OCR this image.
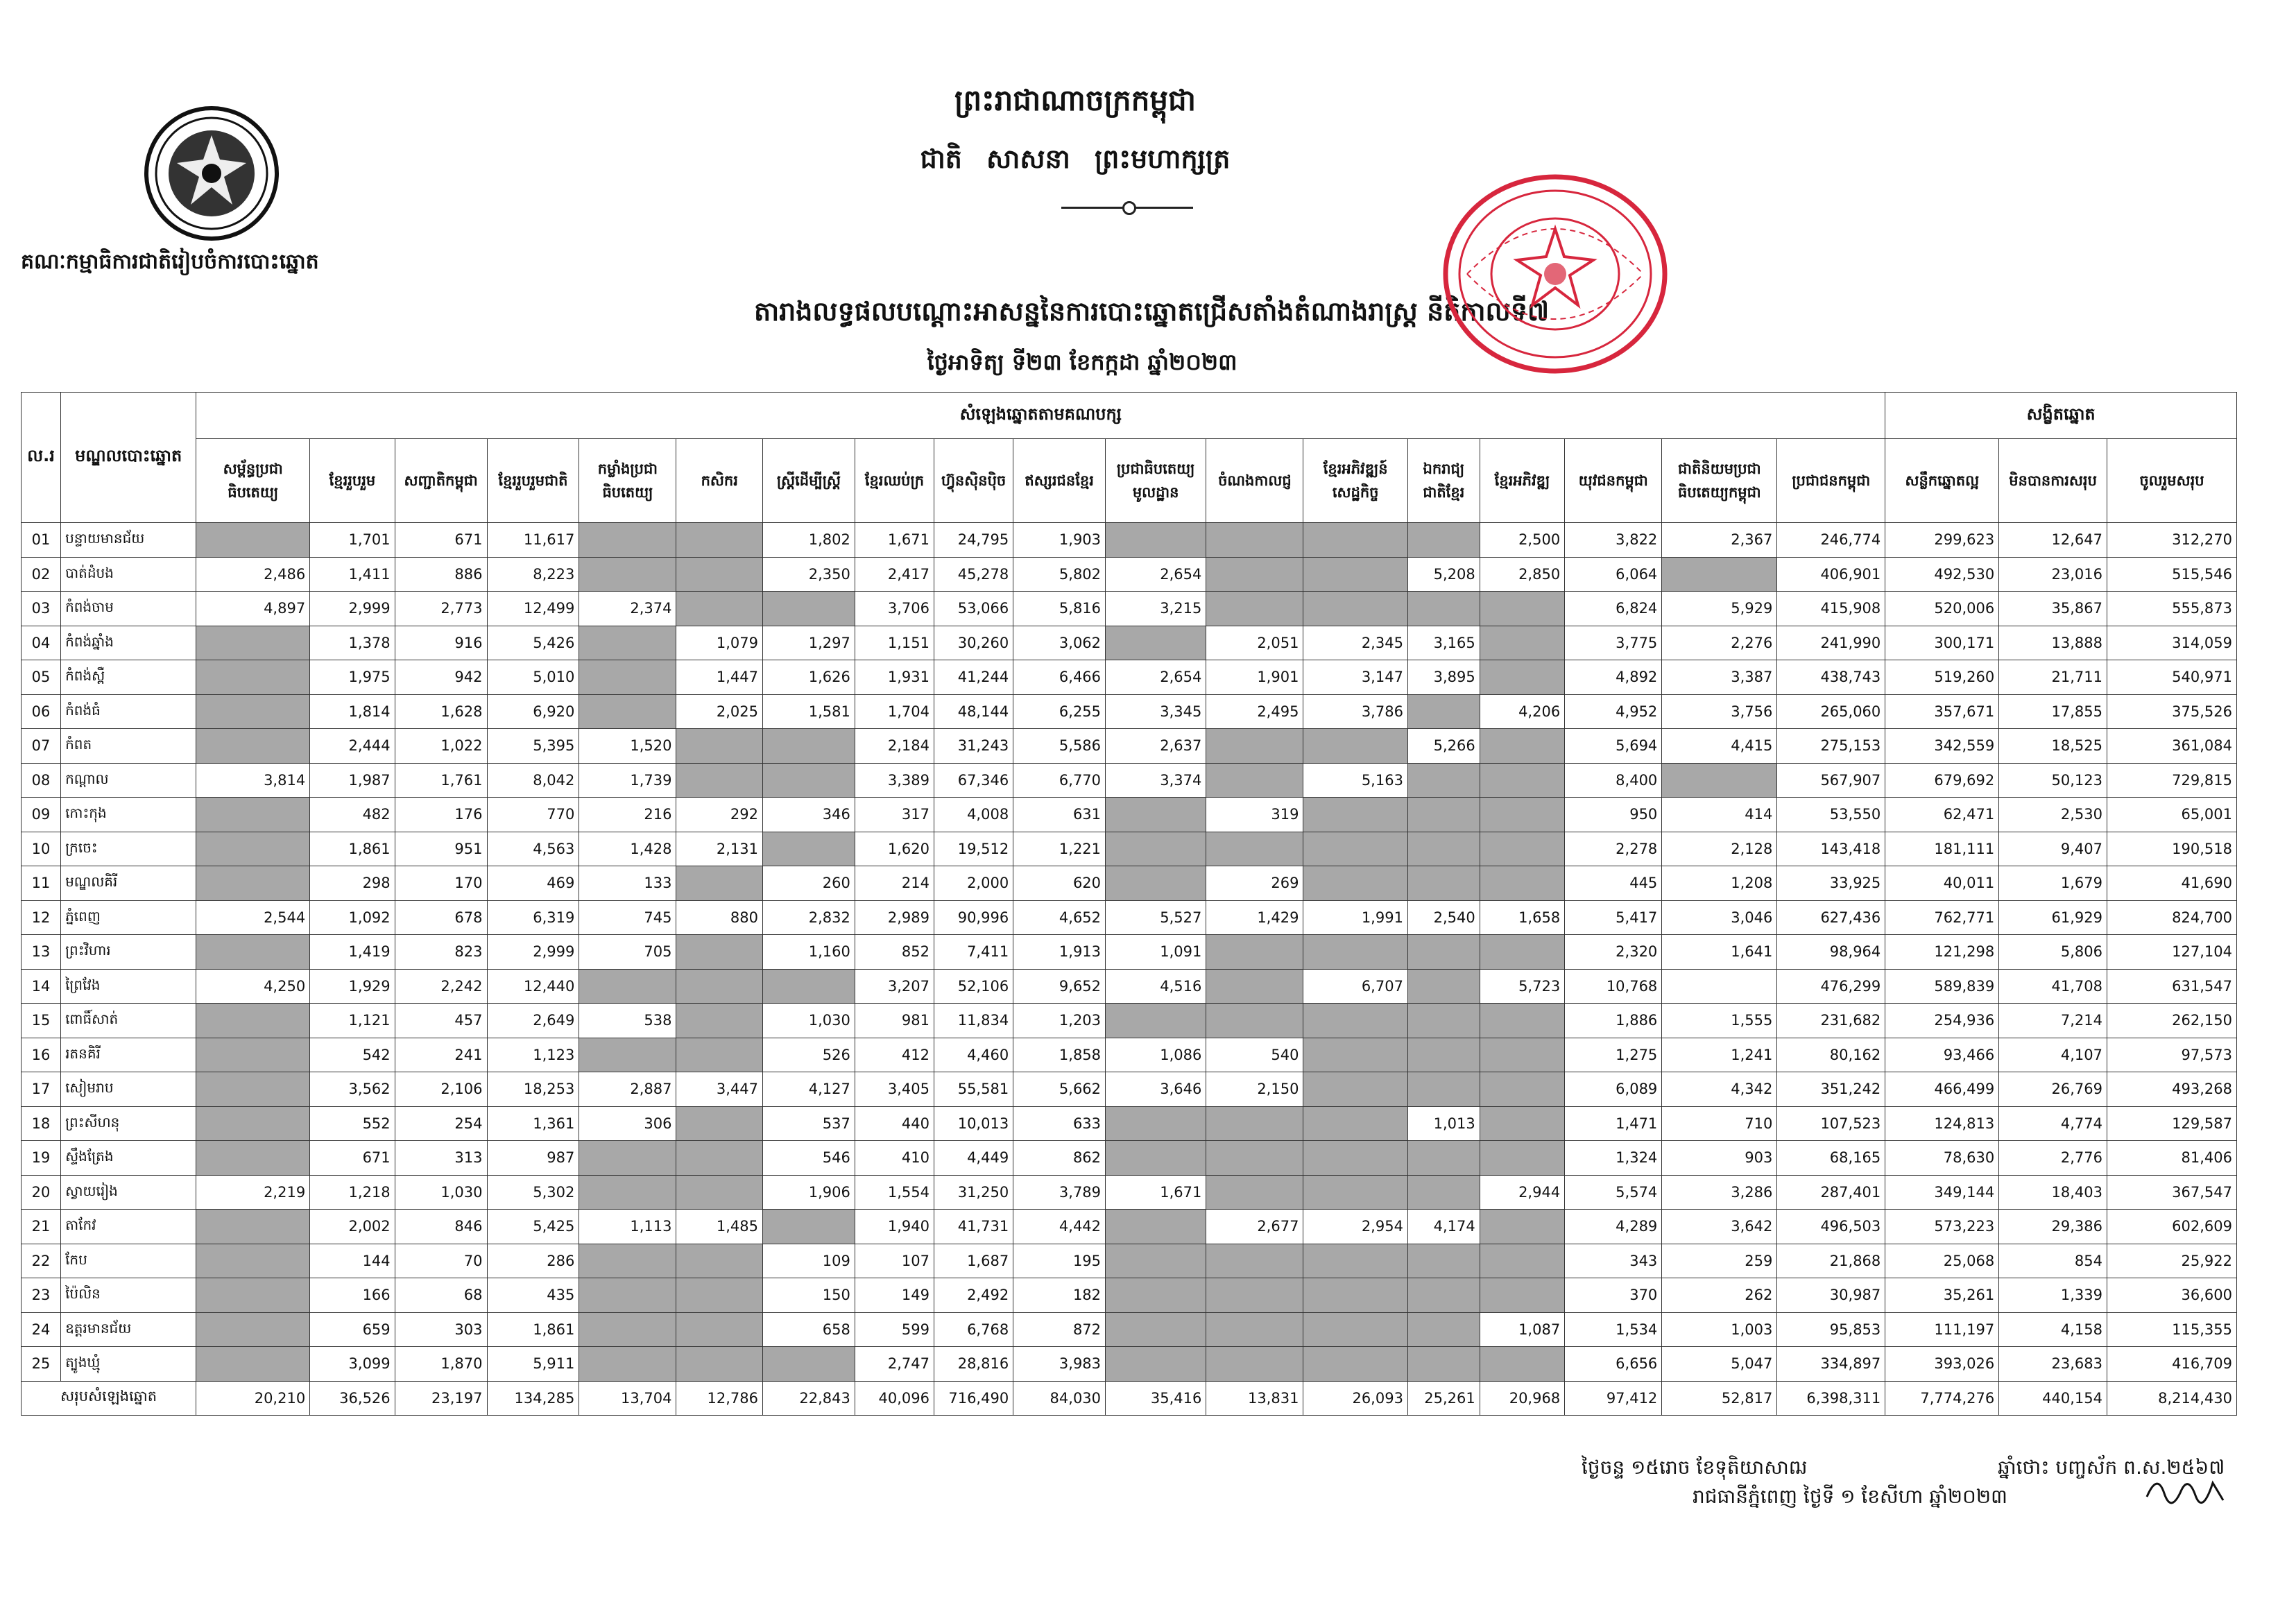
ព្រះរាជាណាចក្រកម្ពុជា
ជាតិ សាសនា ព្រះមហាក្សត្រ
គណៈកម្មាធិការជាតិរៀបចំការបោះឆ្នោត
តារាងលទ្ធផលបណ្ដោះអាសន្ននៃការបោះឆ្នោតជ្រើសតាំងតំណាងរាស្ត្រ នីតិកាលទី៧
ថ្ងៃអាទិត្យ ទី២៣ ខែកក្កដា ឆ្នាំ២០២៣
ល.រ	មណ្ឌលបោះឆ្នោត	សំឡេងឆ្នោតតាមគណបក្ស																		សង្ខិតឆ្នោត		
		សម្ព័ន្ធប្រជាធិបតេយ្យ	ខ្មែររួបរួម	សញ្ជាតិកម្ពុជា	ខ្មែររួបរួមជាតិ	កម្លាំងប្រជាធិបតេយ្យ	កសិករ	ស្ត្រីដើម្បីស្ត្រី	ខ្មែរឈប់ក្រ	ហ៊្វុនស៊ិនប៉ិច	ឥស្សរជនខ្មែរ	ប្រជាធិបតេយ្យមូលដ្ឋាន	ចំណងកាលជ្ញ	ខ្មែរអភិវឌ្ឍន៍សេដ្ឋកិច្ច	ឯករាជ្យជាតិខ្មែរ	ខ្មែរអភិវឌ្ឍ	យុវជនកម្ពុជា	ជាតិនិយមប្រជាធិបតេយ្យកម្ពុជា	ប្រជាជនកម្ពុជា	សន្លឹកឆ្នោតល្អ	មិនបានការសរុប	ចូលរួមសរុប
01	បន្ទាយមានជ័យ		1,701	671	11,617			1,802	1,671	24,795	1,903					2,500	3,822	2,367	246,774	299,623	12,647	312,270
02	បាត់ដំបង	2,486	1,411	886	8,223			2,350	2,417	45,278	5,802	2,654			5,208	2,850	6,064		406,901	492,530	23,016	515,546
03	កំពង់ចាម	4,897	2,999	2,773	12,499	2,374			3,706	53,066	5,816	3,215					6,824	5,929	415,908	520,006	35,867	555,873
04	កំពង់ឆ្នាំង		1,378	916	5,426		1,079	1,297	1,151	30,260	3,062		2,051	2,345	3,165		3,775	2,276	241,990	300,171	13,888	314,059
05	កំពង់ស្ពឺ		1,975	942	5,010		1,447	1,626	1,931	41,244	6,466	2,654	1,901	3,147	3,895		4,892	3,387	438,743	519,260	21,711	540,971
06	កំពង់ធំ		1,814	1,628	6,920		2,025	1,581	1,704	48,144	6,255	3,345	2,495	3,786		4,206	4,952	3,756	265,060	357,671	17,855	375,526
07	កំពត		2,444	1,022	5,395	1,520			2,184	31,243	5,586	2,637			5,266		5,694	4,415	275,153	342,559	18,525	361,084
08	កណ្ដាល	3,814	1,987	1,761	8,042	1,739			3,389	67,346	6,770	3,374		5,163			8,400		567,907	679,692	50,123	729,815
09	កោះកុង		482	176	770	216	292	346	317	4,008	631		319				950	414	53,550	62,471	2,530	65,001
10	ក្រចេះ		1,861	951	4,563	1,428	2,131		1,620	19,512	1,221						2,278	2,128	143,418	181,111	9,407	190,518
11	មណ្ឌលគិរី		298	170	469	133		260	214	2,000	620		269				445	1,208	33,925	40,011	1,679	41,690
12	ភ្នំពេញ	2,544	1,092	678	6,319	745	880	2,832	2,989	90,996	4,652	5,527	1,429	1,991	2,540	1,658	5,417	3,046	627,436	762,771	61,929	824,700
13	ព្រះវិហារ		1,419	823	2,999	705		1,160	852	7,411	1,913	1,091					2,320	1,641	98,964	121,298	5,806	127,104
14	ព្រៃវែង	4,250	1,929	2,242	12,440				3,207	52,106	9,652	4,516		6,707		5,723	10,768		476,299	589,839	41,708	631,547
15	ពោធិ៍សាត់		1,121	457	2,649	538		1,030	981	11,834	1,203						1,886	1,555	231,682	254,936	7,214	262,150
16	រតនគិរី		542	241	1,123			526	412	4,460	1,858	1,086	540				1,275	1,241	80,162	93,466	4,107	97,573
17	សៀមរាប		3,562	2,106	18,253	2,887	3,447	4,127	3,405	55,581	5,662	3,646	2,150				6,089	4,342	351,242	466,499	26,769	493,268
18	ព្រះសីហនុ		552	254	1,361	306		537	440	10,013	633				1,013		1,471	710	107,523	124,813	4,774	129,587
19	ស្ទឹងត្រែង		671	313	987			546	410	4,449	862						1,324	903	68,165	78,630	2,776	81,406
20	ស្វាយរៀង	2,219	1,218	1,030	5,302			1,906	1,554	31,250	3,789	1,671				2,944	5,574	3,286	287,401	349,144	18,403	367,547
21	តាកែវ		2,002	846	5,425	1,113	1,485		1,940	41,731	4,442		2,677	2,954	4,174		4,289	3,642	496,503	573,223	29,386	602,609
22	កែប		144	70	286			109	107	1,687	195						343	259	21,868	25,068	854	25,922
23	ប៉ៃលិន		166	68	435			150	149	2,492	182						370	262	30,987	35,261	1,339	36,600
24	ឧត្ដរមានជ័យ		659	303	1,861			658	599	6,768	872					1,087	1,534	1,003	95,853	111,197	4,158	115,355
25	ត្បូងឃ្មុំ		3,099	1,870	5,911				2,747	28,816	3,983						6,656	5,047	334,897	393,026	23,683	416,709
សរុបសំឡេងឆ្នោត		20,210	36,526	23,197	134,285	13,704	12,786	22,843	40,096	716,490	84,030	35,416	13,831	26,093	25,261	20,968	97,412	52,817	6,398,311	7,774,276	440,154	8,214,430
ថ្ងៃចន្ទ ១៥រោច ខែទុតិយាសាឍ	ឆ្នាំថោះ បញ្ចស័ក ព.ស.២៥៦៧
រាជធានីភ្នំពេញ ថ្ងៃទី ១ ខែសីហា ឆ្នាំ២០២៣
